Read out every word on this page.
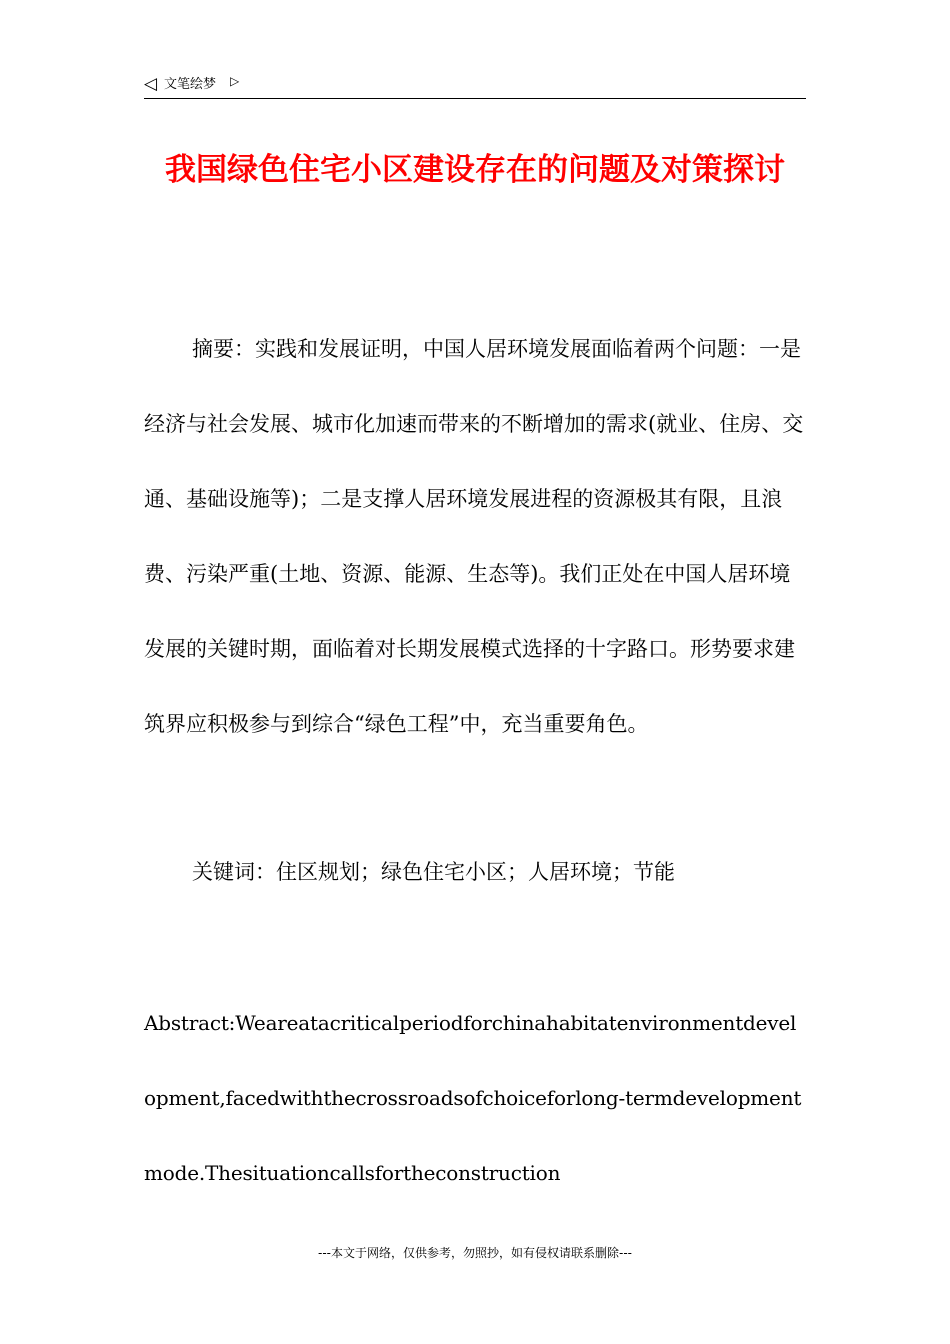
◁ 文笔绘梦 ▷
我国绿色住宅小区建设存在的问题及对策探讨

摘要：实践和发展证明，中国人居环境发展面临着两个问题：一是经济与社会发展、城市化加速而带来的不断增加的需求(就业、住房、交通、基础设施等)；二是支撑人居环境发展进程的资源极其有限，且浪费、污染严重(土地、资源、能源、生态等)。我们正处在中国人居环境发展的关键时期，面临着对长期发展模式选择的十字路口。形势要求建筑界应积极参与到综合“绿色工程”中，充当重要角色。

关键词：住区规划；绿色住宅小区；人居环境；节能

Abstract:Weareatacriticalperiodforchinahabitatenvironmentdevelopment,facedwiththecrossroadsofchoiceforlong-termdevelopmentmode.Thesituationcallsfortheconstruction

---本文于网络，仅供参考，勿照抄，如有侵权请联系删除---
